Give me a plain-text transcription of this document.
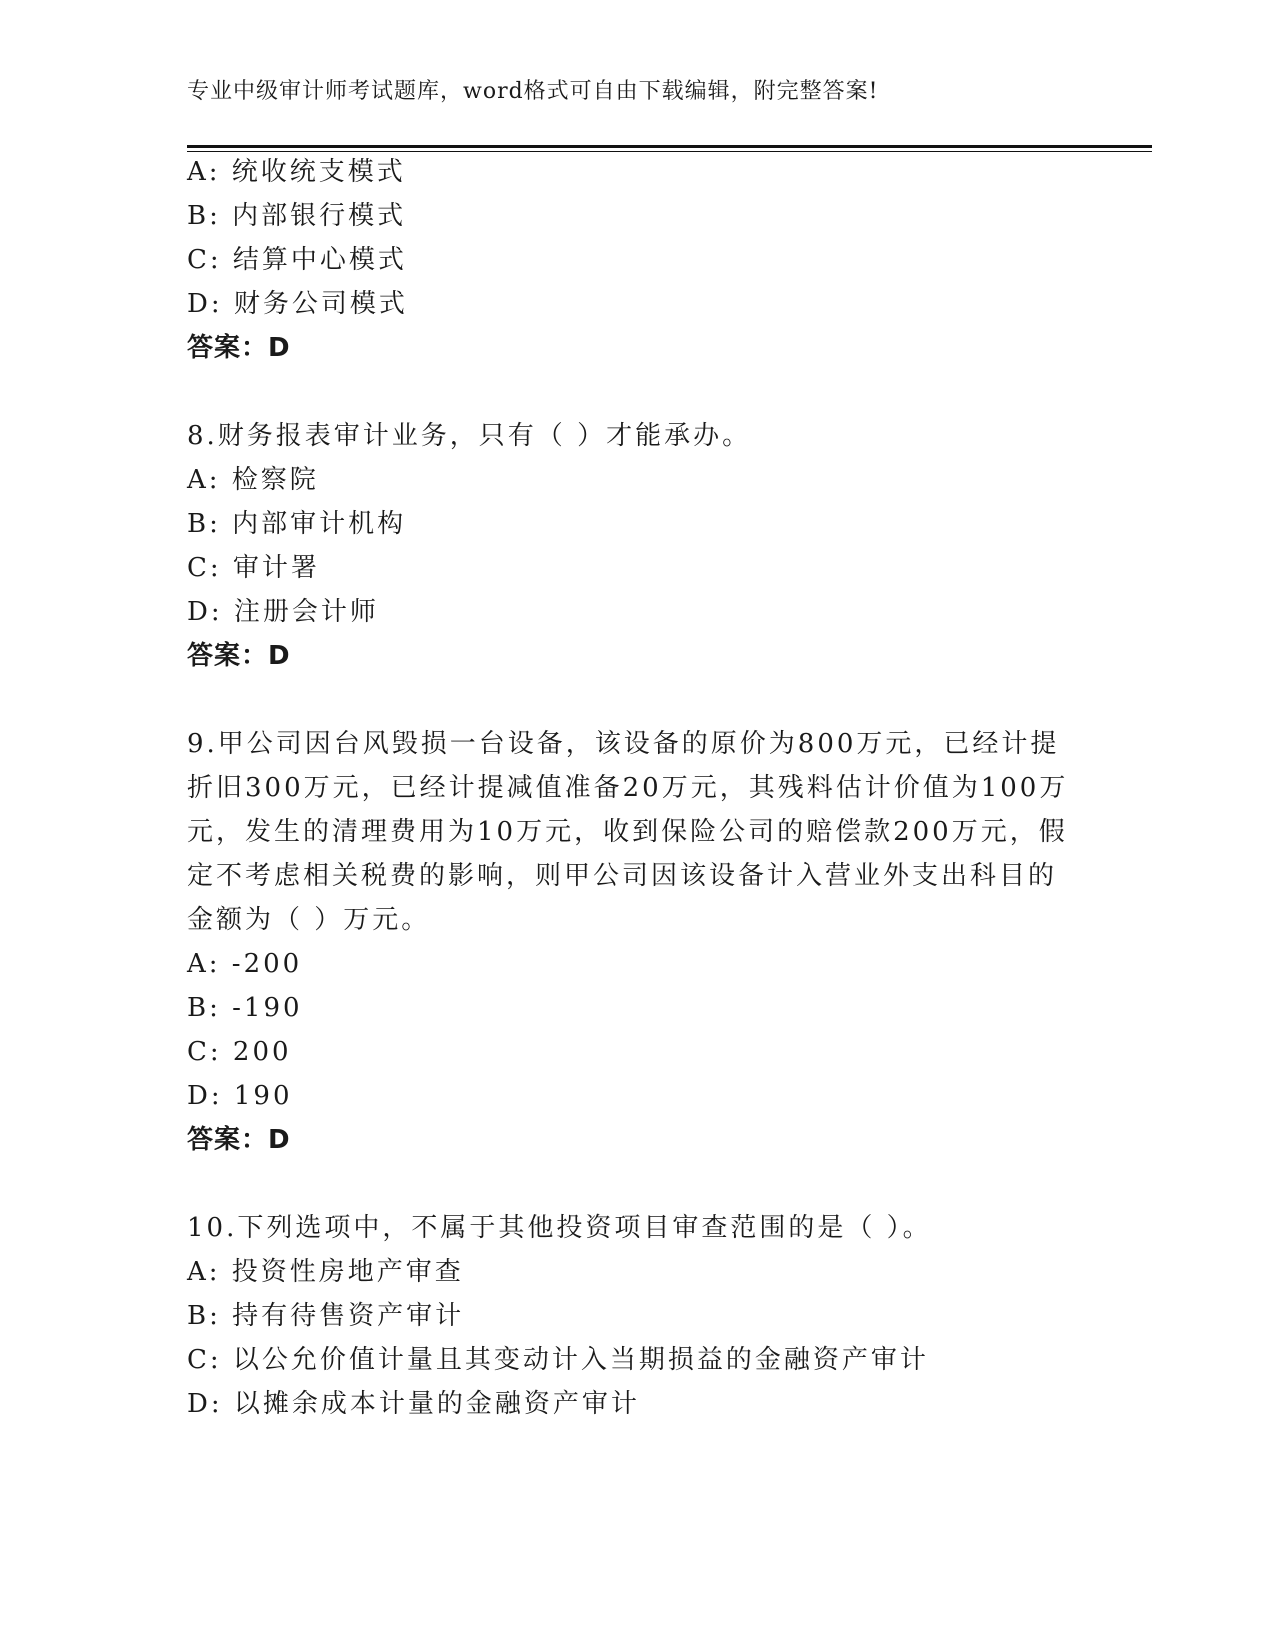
专业中级审计师考试题库，word格式可自由下载编辑，附完整答案!
A: 统收统支模式
B: 内部银行模式
C: 结算中心模式
D: 财务公司模式
答案：D
8.财务报表审计业务，只有（ ）才能承办。
A: 检察院
B: 内部审计机构
C: 审计署
D: 注册会计师
答案：D
9.甲公司因台风毁损一台设备，该设备的原价为800万元，已经计提
折旧300万元，已经计提减值准备20万元，其残料估计价值为100万
元，发生的清理费用为10万元，收到保险公司的赔偿款200万元，假
定不考虑相关税费的影响，则甲公司因该设备计入营业外支出科目的
金额为（ ）万元。
A: -200
B: -190
C: 200
D: 190
答案：D
10.下列选项中，不属于其他投资项目审查范围的是（ ）。
A: 投资性房地产审查
B: 持有待售资产审计
C: 以公允价值计量且其变动计入当期损益的金融资产审计
D: 以摊余成本计量的金融资产审计
